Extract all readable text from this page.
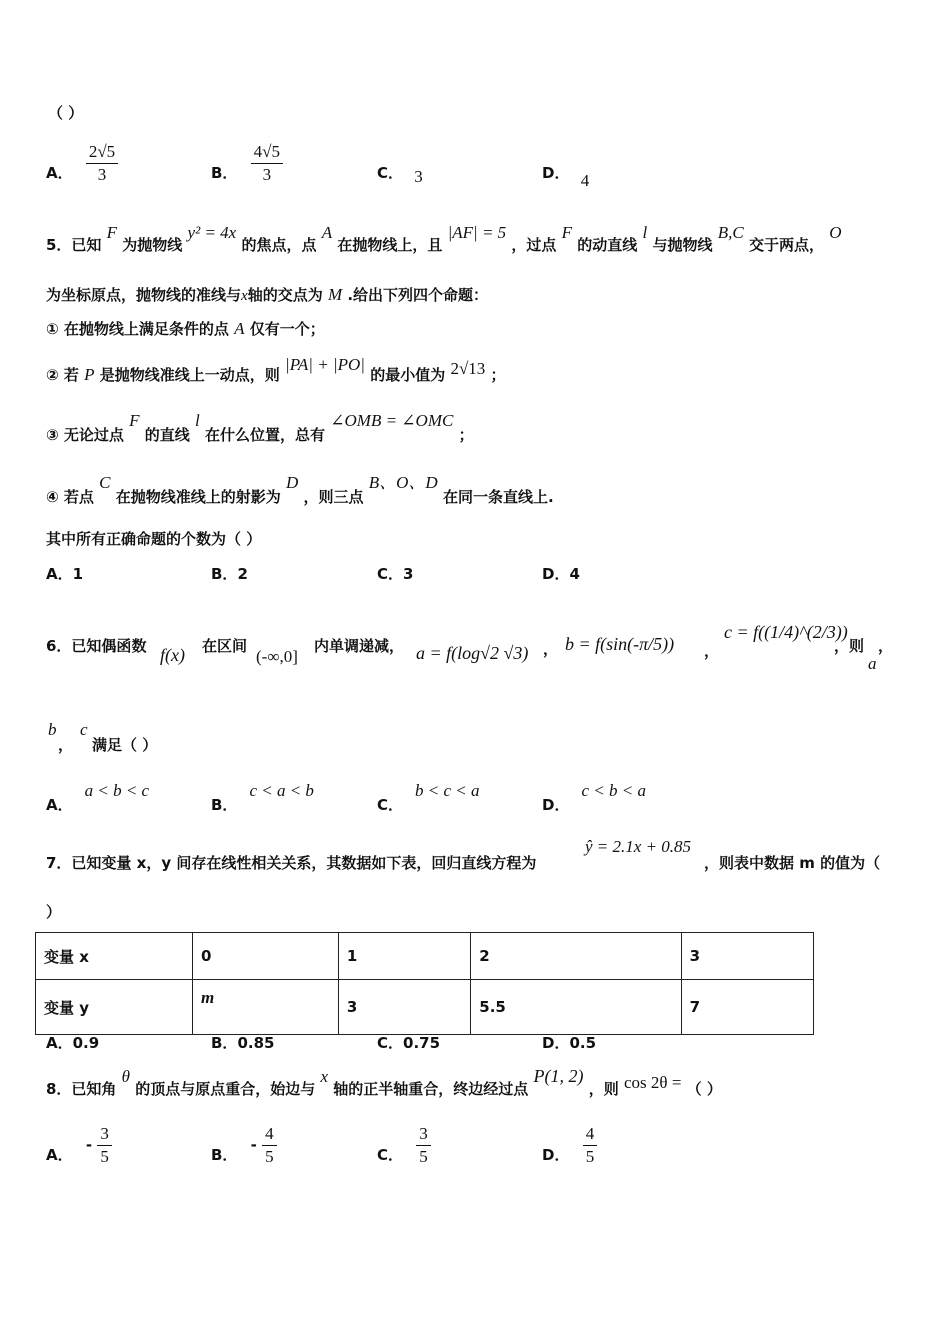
（ ）
A． $\frac{2√5}{3}$	B． $\frac{4√5}{3}$	C． 3	D． 4
5．已知 F 为抛物线 y² = 4x 的焦点，点 A 在抛物线上，且 |AF| = 5 ，过点 F 的动直线 l 与抛物线 B,C 交于两点， O
为坐标原点，抛物线的准线与x轴的交点为 M .给出下列四个命题：
① 在抛物线上满足条件的点 A 仅有一个；
② 若 P 是抛物线准线上一动点，则 |PA| + |PO| 的最小值为 2√13 ；
③ 无论过点 F 的直线 l 在什么位置，总有 ∠OMB = ∠OMC ；
④ 若点 C 在抛物线准线上的射影为 D ，则三点 B、O、D 在同一条直线上.
其中所有正确命题的个数为（ ）
A．1	B．2	C．3	D．4
6．已知偶函数 f(x) 在区间
(-∞,0]
内单调递减， a = f(log√2 √3) ， b = f(sin(-π/5)) ，
c = f((1/4)^(2/3))
，则
a
，
b
，
c
满足（ ）
A．a < b < c
B．c < a < b
C．b < c < a
D．c < b < a
7．已知变量 x，y 间存在线性相关关系，其数据如下表，回归直线方程为
ŷ = 2.1x + 0.85
，则表中数据 m 的值为（
）
变量 x	0	1	2	3
变量 y	m	3	5.5	7
A．0.9	B．0.85	C．0.75	D．0.5
8．已知角 θ 的顶点与原点重合，始边与 x 轴的正半轴重合，终边经过点 P(1, 2) ，则 cos 2θ = （ ）
A． - $\frac{3}{5}$	B． - $\frac{4}{5}$	C． $\frac{3}{5}$	D． $\frac{4}{5}$
